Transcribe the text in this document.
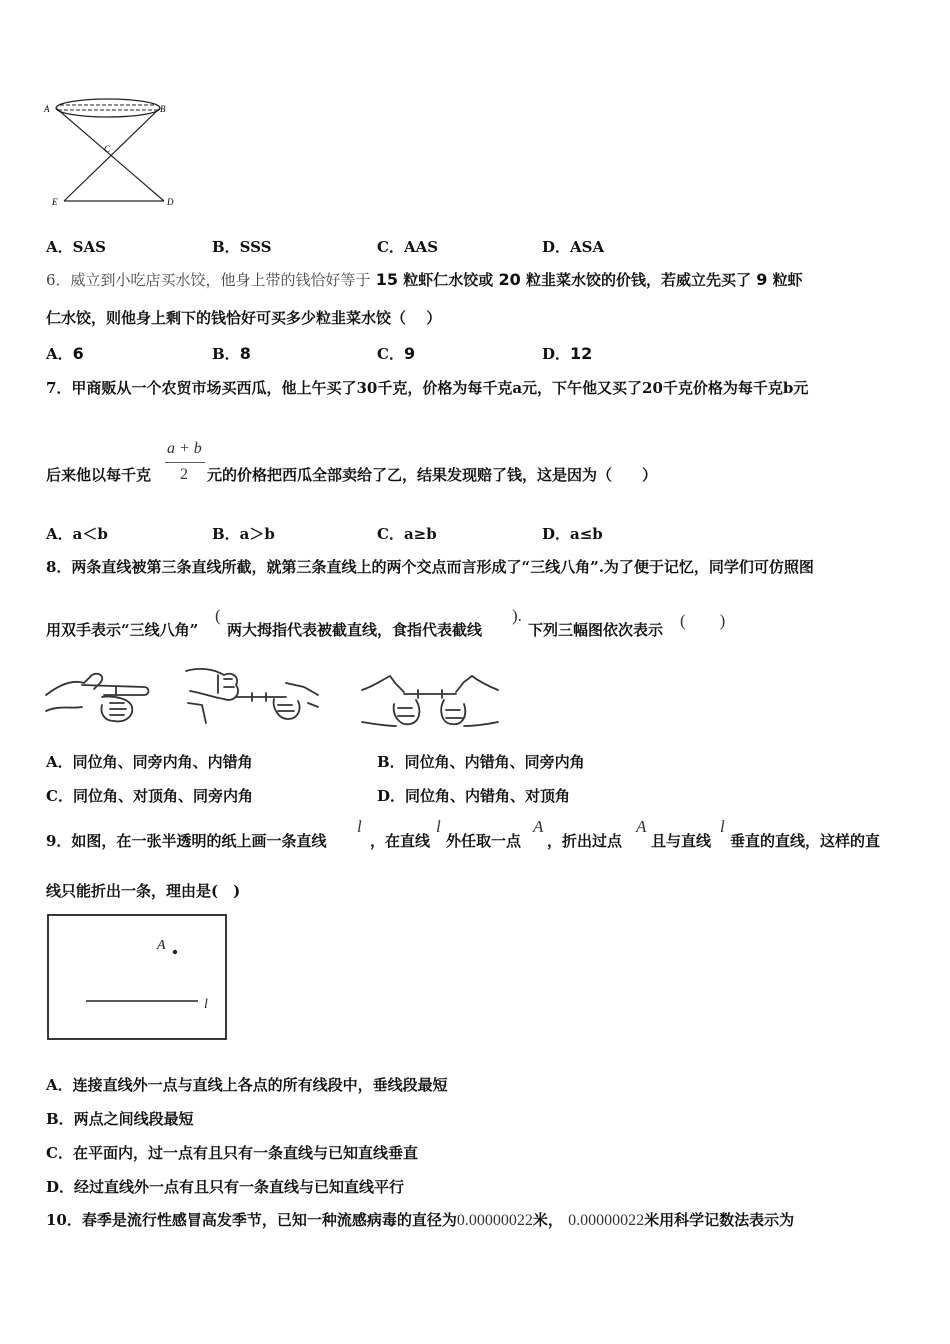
A	B
C
E	D
A．SAS	B．SSS	C．AAS	D．ASA
6．威立到小吃店买水饺，他身上带的钱恰好等于 15 粒虾仁水饺或 20 粒韭菜水饺的价钱，若威立先买了 9 粒虾
仁水饺，则他身上剩下的钱恰好可买多少粒韭菜水饺（　 ）
A．6	B．8	C．9	D．12
7．甲商贩从一个农贸市场买西瓜，他上午买了30千克，价格为每千克a元，下午他又买了20千克价格为每千克b元
a + b
2
后来他以每千克	元的价格把西瓜全部卖给了乙，结果发现赔了钱，这是因为（　　）
A．a＜b	B．a＞b	C．a≥b	D．a≤b
8．两条直线被第三条直线所截，就第三条直线上的两个交点而言形成了“三线八角”.为了便于记忆，同学们可仿照图
用双手表示“三线八角”
(
两大拇指代表被截直线，食指代表截线
).
下列三幅图依次表示 (　　)
A．同位角、同旁内角、内错角	B．同位角、内错角、同旁内角
C．同位角、对顶角、同旁内角	D．同位角、内错角、对顶角
9．如图，在一张半透明的纸上画一条直线
l
，在直线
l
外任取一点
A
，折出过点
A
且与直线
l
垂直的直线，这样的直
线只能折出一条，理由是(　)
A
l
A．连接直线外一点与直线上各点的所有线段中，垂线段最短
B．两点之间线段最短
C．在平面内，过一点有且只有一条直线与已知直线垂直
D．经过直线外一点有且只有一条直线与已知直线平行
10．春季是流行性感冒高发季节，已知一种流感病毒的直径为0.00000022米， 0.00000022米用科学记数法表示为
